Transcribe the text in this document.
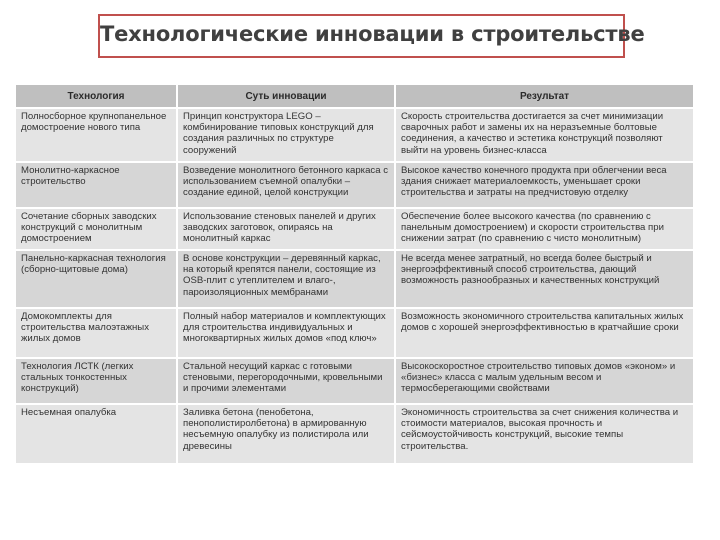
Технологические инновации в строительстве
Технология	Суть инновации	Результат
Полносборное крупнопанельное домостроение нового типа	Принцип конструктора LEGO – комбинирование типовых конструкций для создания различных по структуре сооружений	Скорость строительства достигается за счет минимизации сварочных работ и замены их на неразъемные болтовые соединения, а качество и эстетика конструкций позволяют выйти на уровень бизнес-класса
Монолитно-каркасное строительство	Возведение монолитного бетонного каркаса с использованием съемной опалубки – создание единой, целой конструкции	Высокое качество конечного продукта при облегчении веса здания снижает материалоемкость, уменьшает сроки строительства и затраты на предчистовую отделку
Сочетание сборных заводских конструкций с монолитным домостроением	Использование стеновых панелей и других заводских заготовок, опираясь на монолитный каркас	Обеспечение более высокого качества (по сравнению с панельным домостроением) и скорости строительства при снижении затрат (по сравнению с чисто монолитным)
Панельно-каркасная технология (сборно-щитовые дома)	В основе конструкции – деревянный каркас, на который крепятся панели, состоящие из OSB-плит с утеплителем и влаго-, пароизоляционных мембранами	Не всегда менее затратный, но всегда более быстрый и энергоэффективный способ строительства, дающий возможность разнообразных и качественных конструкций
Домокомплекты для строительства малоэтажных жилых домов	Полный набор материалов и комплектующих для строительства индивидуальных и многоквартирных жилых домов «под ключ»	Возможность экономичного строительства капитальных жилых домов с хорошей энергоэффективностью в кратчайшие сроки
Технология ЛСТК (легких стальных тонкостенных конструкций)	Стальной несущий каркас с готовыми стеновыми, перегородочными, кровельными и прочими элементами	Высокоскоростное строительство типовых домов «эконом» и «бизнес» класса с малым удельным весом и термосберегающими свойствами
Несъемная опалубка	Заливка бетона (пенобетона, пенополистиролбетона) в армированную несъемную опалубку из полистирола или древесины	Экономичность строительства за счет снижения количества и стоимости материалов, высокая прочность и сейсмоустойчивость конструкций, высокие темпы строительства.
